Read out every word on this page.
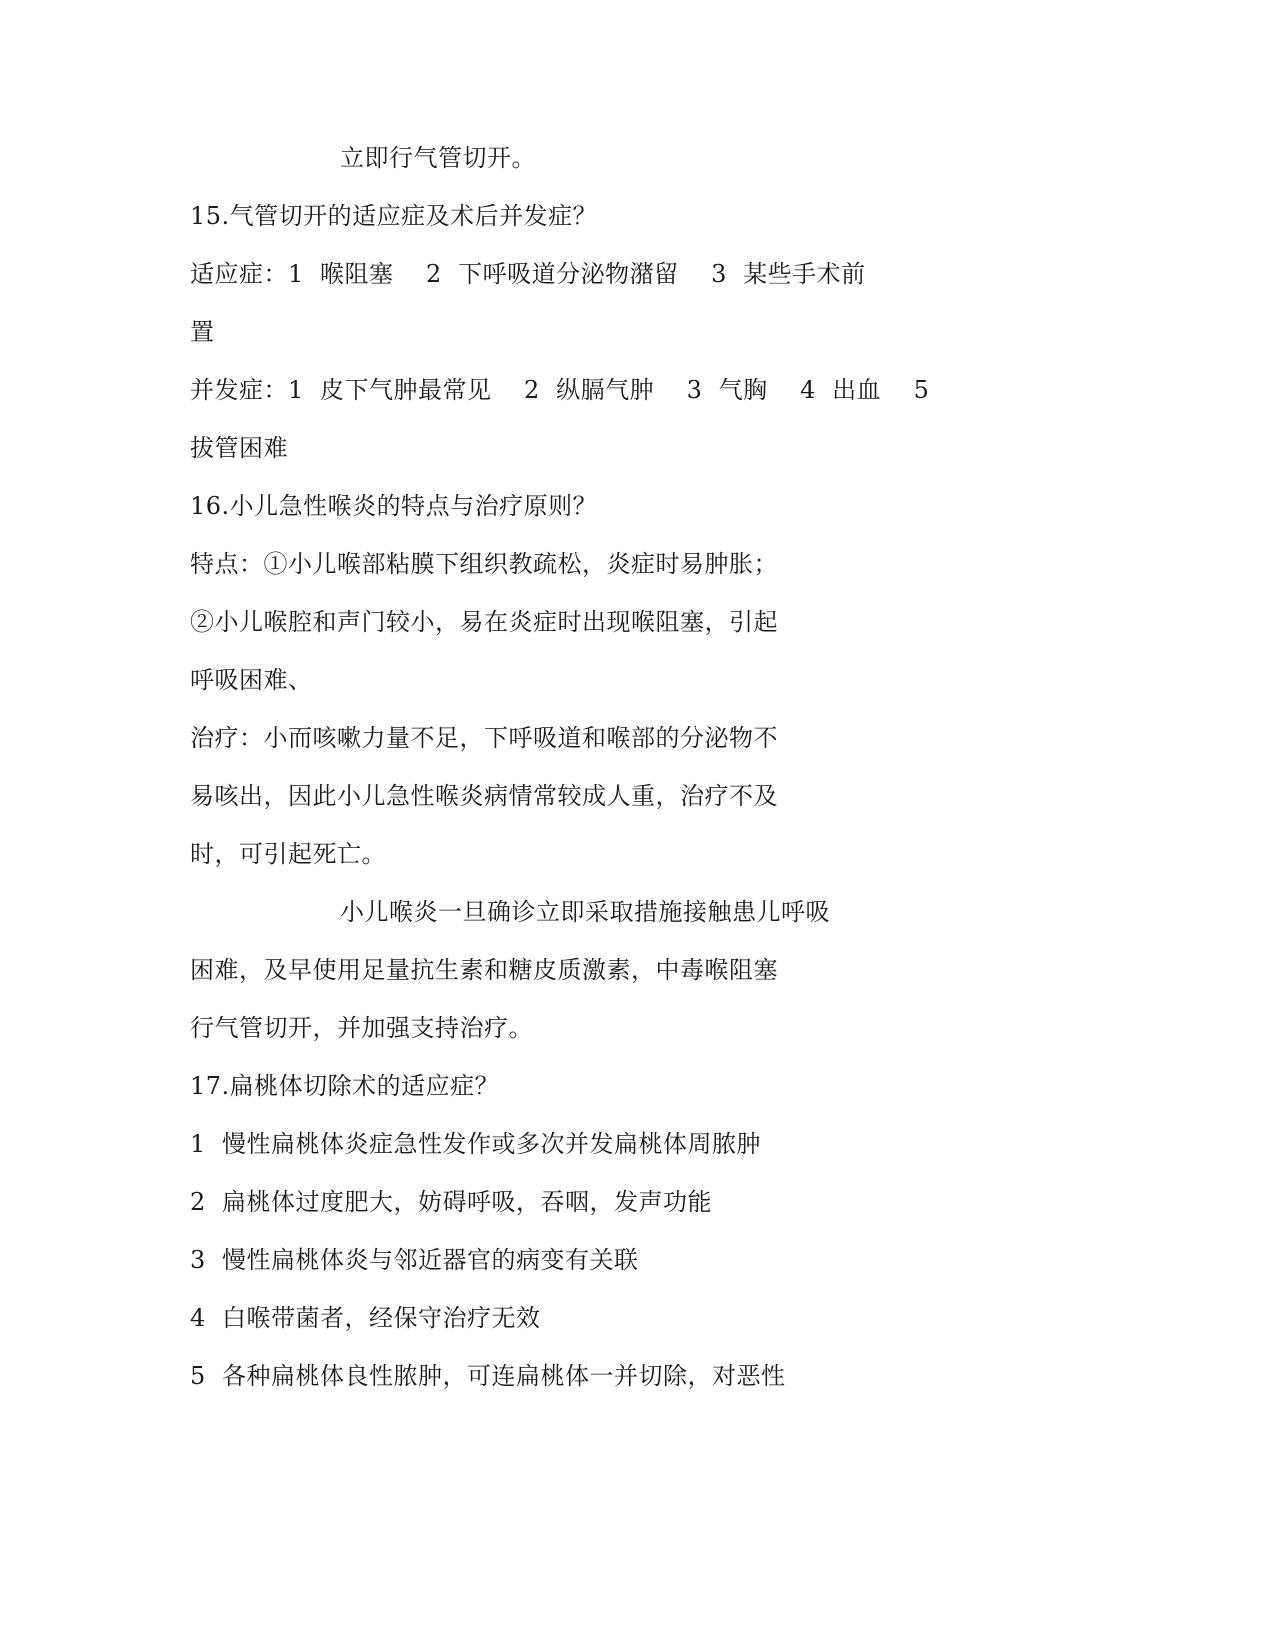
立即行气管切开。
15.气管切开的适应症及术后并发症？
适应症：1  喉阻塞    2  下呼吸道分泌物潴留    3  某些手术前
置
并发症：1  皮下气肿最常见    2  纵膈气肿    3  气胸    4  出血    5
拔管困难
16.小儿急性喉炎的特点与治疗原则？
特点：①小儿喉部粘膜下组织教疏松，炎症时易肿胀；
②小儿喉腔和声门较小，易在炎症时出现喉阻塞，引起
呼吸困难、
治疗：小而咳嗽力量不足，下呼吸道和喉部的分泌物不
易咳出，因此小儿急性喉炎病情常较成人重，治疗不及
时，可引起死亡。
小儿喉炎一旦确诊立即采取措施接触患儿呼吸
困难，及早使用足量抗生素和糖皮质激素，中毒喉阻塞
行气管切开，并加强支持治疗。
17.扁桃体切除术的适应症？
1  慢性扁桃体炎症急性发作或多次并发扁桃体周脓肿
2  扁桃体过度肥大，妨碍呼吸，吞咽，发声功能
3  慢性扁桃体炎与邻近器官的病变有关联
4  白喉带菌者，经保守治疗无效
5  各种扁桃体良性脓肿，可连扁桃体一并切除，对恶性
